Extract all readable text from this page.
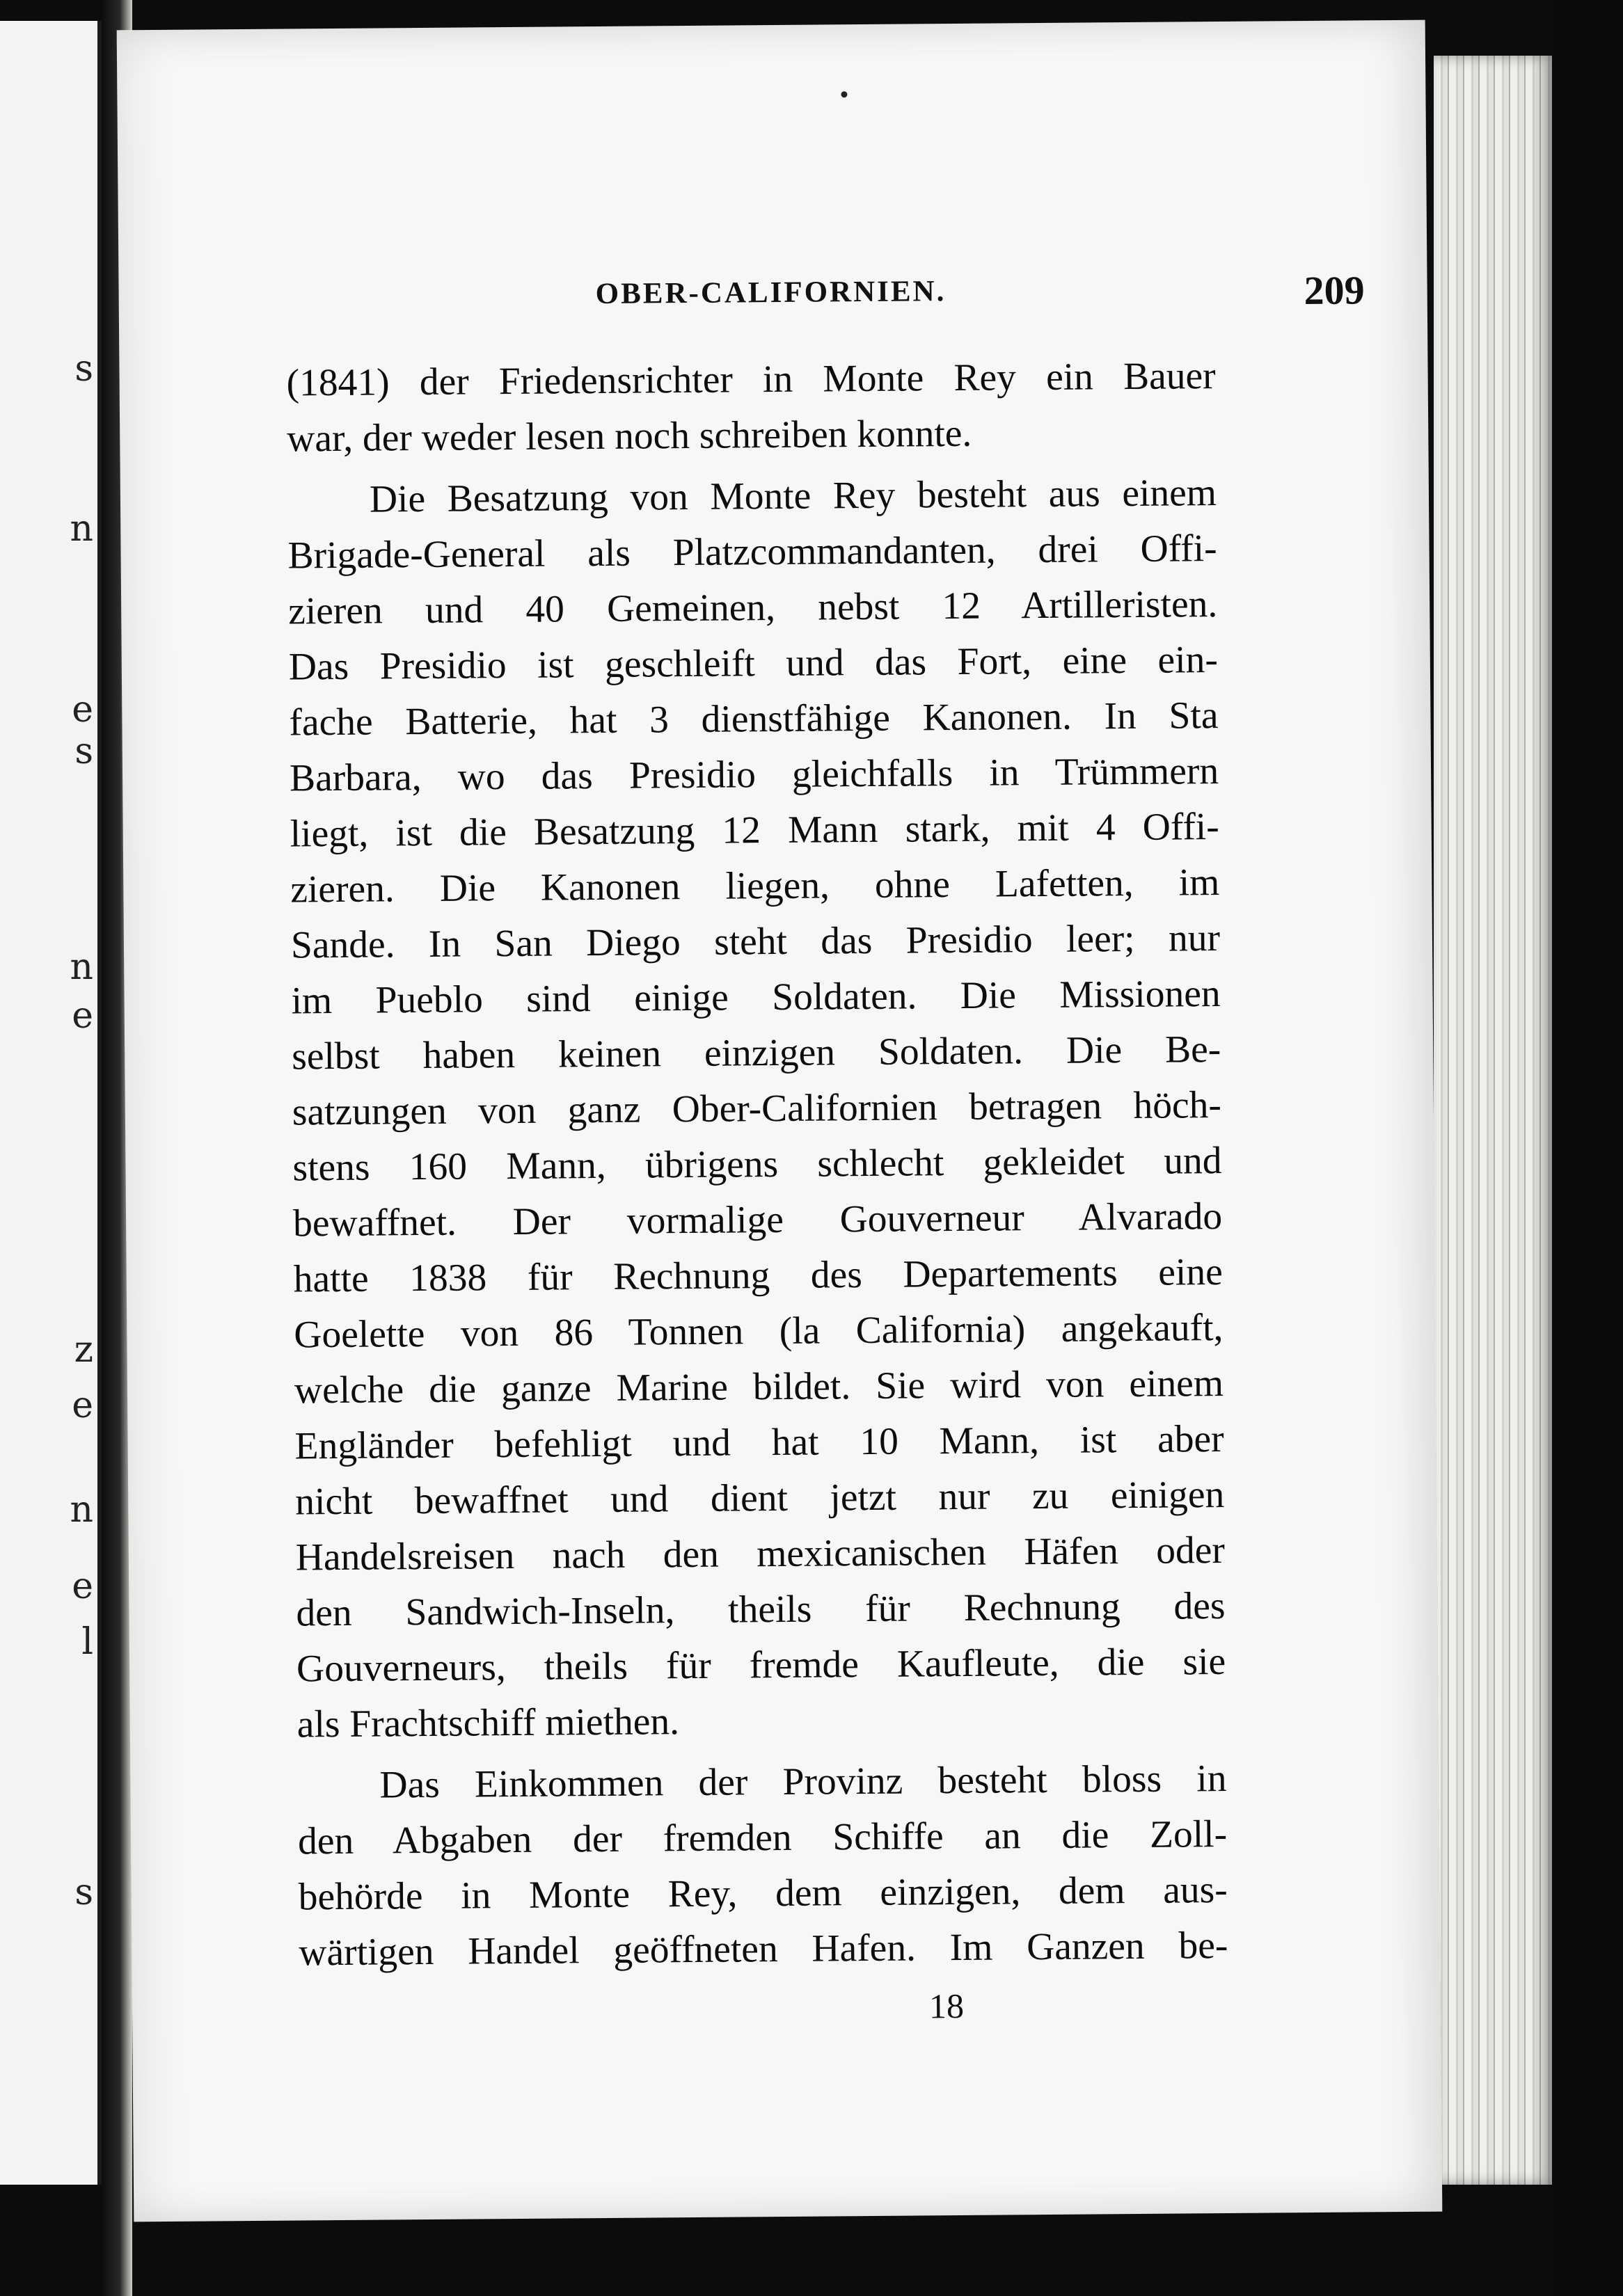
s
n
e
s
n
e
z
e
n
e
l
s
OBER-CALIFORNIEN.	209
(1841) der Friedensrichter in Monte Rey ein Bauer
war, der weder lesen noch schreiben konnte.
Die Besatzung von Monte Rey besteht aus einem
Brigade-General als Platzcommandanten, drei Offi-
zieren und 40 Gemeinen, nebst 12 Artilleristen.
Das Presidio ist geschleift und das Fort, eine ein-
fache Batterie, hat 3 dienstfähige Kanonen. In Sta
Barbara, wo das Presidio gleichfalls in Trümmern
liegt, ist die Besatzung 12 Mann stark, mit 4 Offi-
zieren. Die Kanonen liegen, ohne Lafetten, im
Sande. In San Diego steht das Presidio leer; nur
im Pueblo sind einige Soldaten. Die Missionen
selbst haben keinen einzigen Soldaten. Die Be-
satzungen von ganz Ober-Californien betragen höch-
stens 160 Mann, übrigens schlecht gekleidet und
bewaffnet. Der vormalige Gouverneur Alvarado
hatte 1838 für Rechnung des Departements eine
Goelette von 86 Tonnen (la California) angekauft,
welche die ganze Marine bildet. Sie wird von einem
Engländer befehligt und hat 10 Mann, ist aber
nicht bewaffnet und dient jetzt nur zu einigen
Handelsreisen nach den mexicanischen Häfen oder
den Sandwich-Inseln, theils für Rechnung des
Gouverneurs, theils für fremde Kaufleute, die sie
als Frachtschiff miethen.
Das Einkommen der Provinz besteht bloss in
den Abgaben der fremden Schiffe an die Zoll-
behörde in Monte Rey, dem einzigen, dem aus-
wärtigen Handel geöffneten Hafen. Im Ganzen be-
18
